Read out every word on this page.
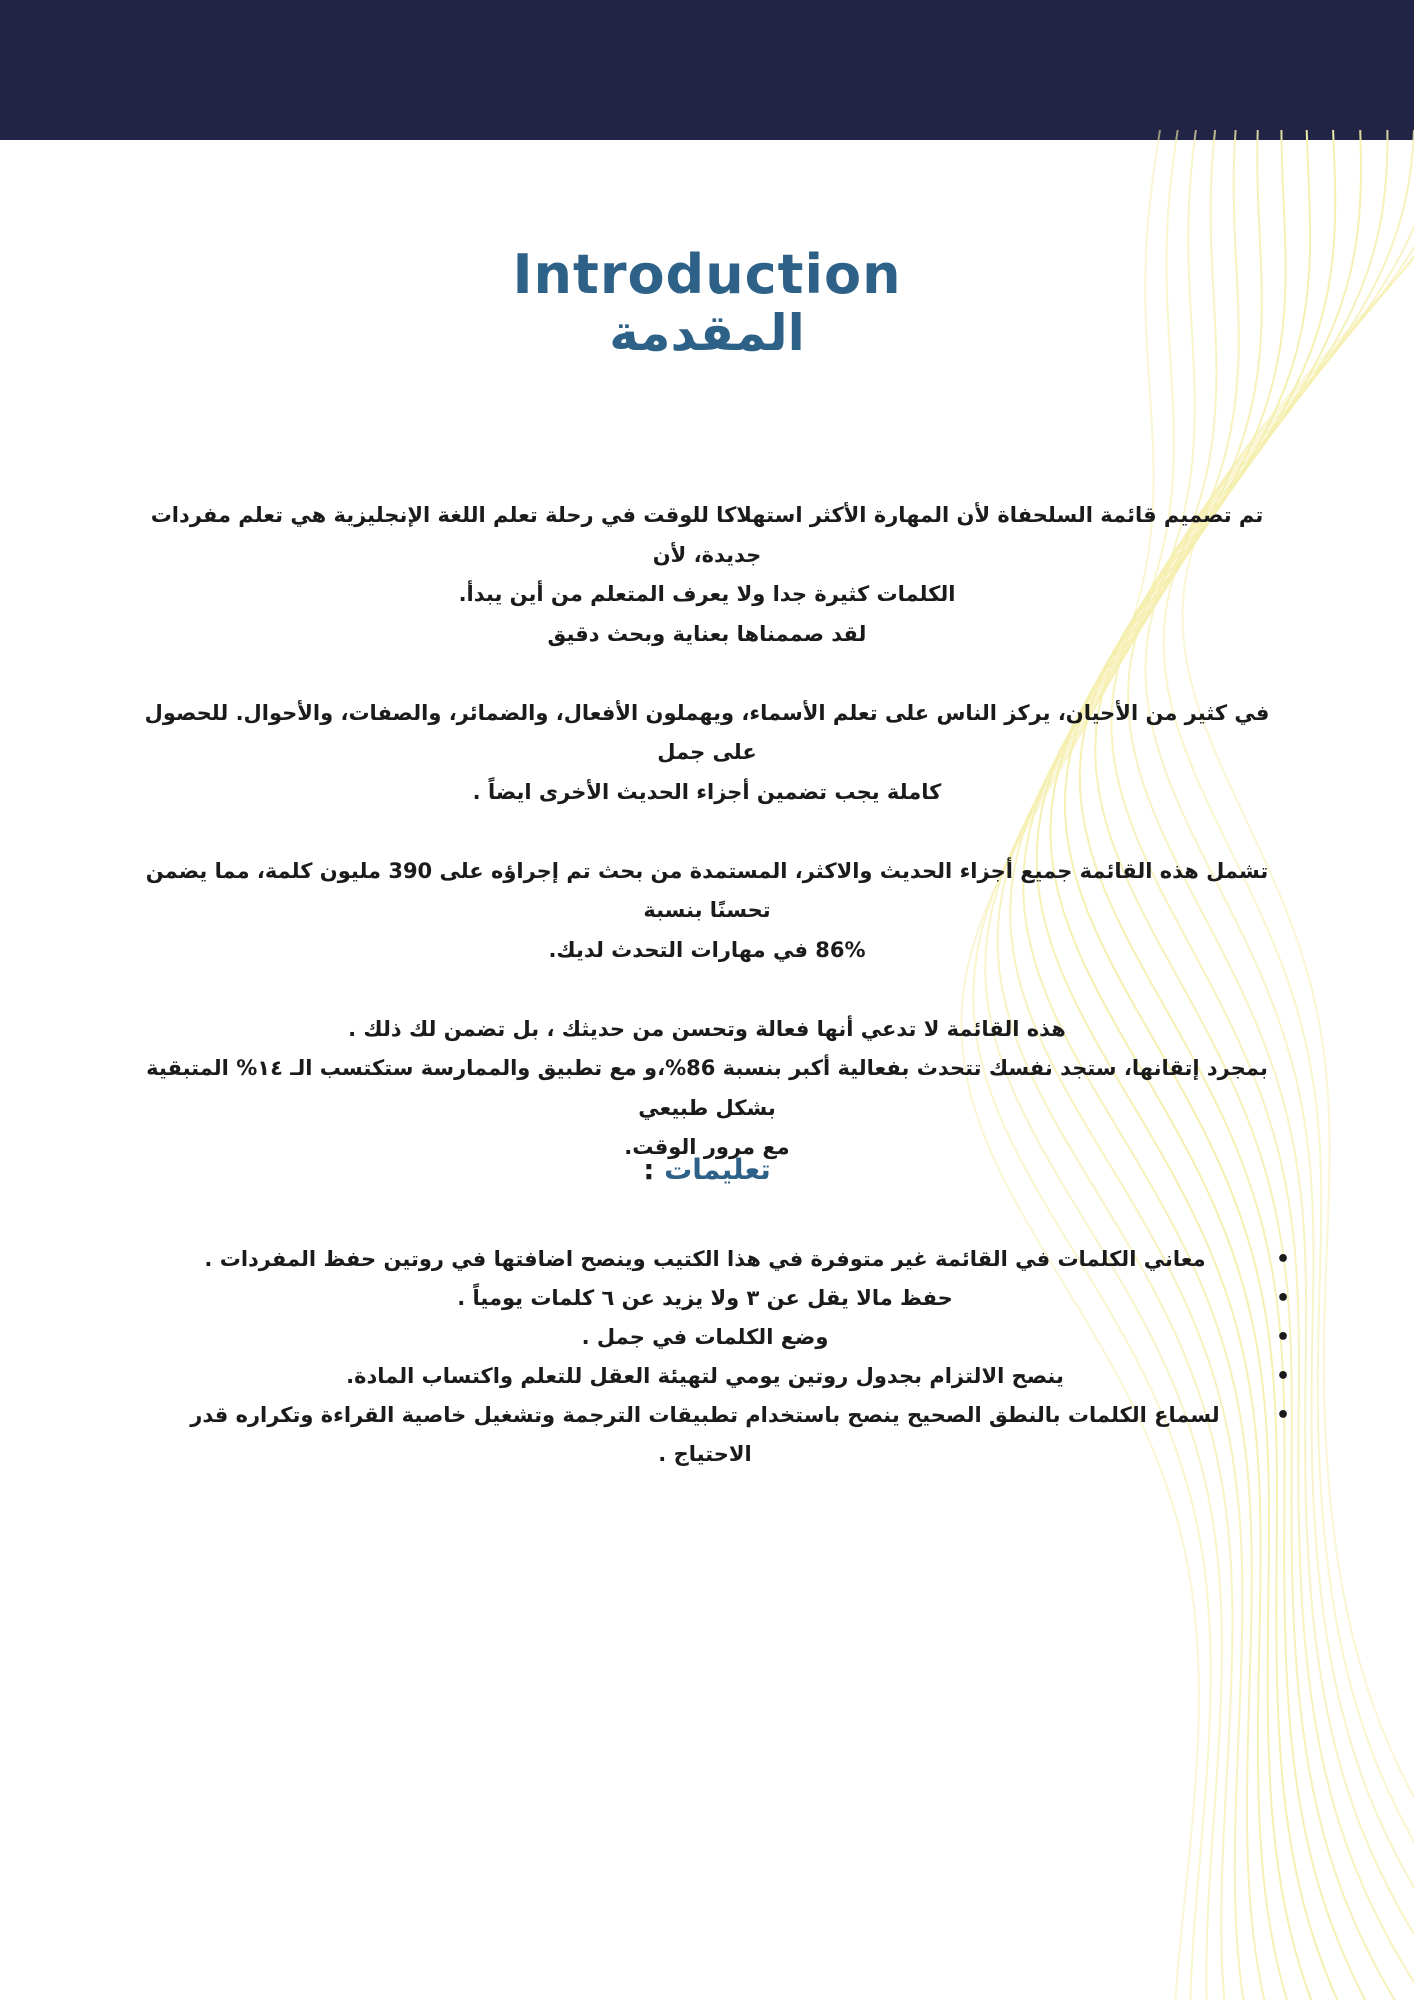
Introduction
المقدمة

تم تصميم قائمة السلحفاة لأن المهارة الأكثر استهلاكا للوقت في رحلة تعلم اللغة الإنجليزية هي تعلم مفردات جديدة، لأن
الكلمات كثيرة جدا ولا يعرف المتعلم من أين يبدأ.
لقد صممناها بعناية وبحث دقيق

في كثير من الأحيان، يركز الناس على تعلم الأسماء، ويهملون الأفعال، والضمائر، والصفات، والأحوال. للحصول على جمل
كاملة يجب تضمين أجزاء الحديث الأخرى ايضاً .

تشمل هذه القائمة جميع أجزاء الحديث والاكثر، المستمدة من بحث تم إجراؤه على 390 مليون كلمة، مما يضمن تحسنًا بنسبة
86% في مهارات التحدث لديك.

هذه القائمة لا تدعي أنها فعالة وتحسن من حديثك ، بل تضمن لك ذلك .
بمجرد إتقانها، ستجد نفسك تتحدث بفعالية أكبر بنسبة 86%،و مع تطبيق والممارسة ستكتسب الـ ١٤% المتبقية بشكل طبيعي
مع مرور الوقت.

تعليمات :
• معاني الكلمات في القائمة غير متوفرة في هذا الكتيب وينصح اضافتها في روتين حفظ المفردات .
• حفظ مالا يقل عن ٣ ولا يزيد عن ٦ كلمات يومياً .
• وضع الكلمات في جمل .
• ينصح الالتزام بجدول روتين يومي لتهيئة العقل للتعلم واكتساب المادة.
• لسماع الكلمات بالنطق الصحيح ينصح باستخدام تطبيقات الترجمة وتشغيل خاصية القراءة وتكراره قدر الاحتياج .
